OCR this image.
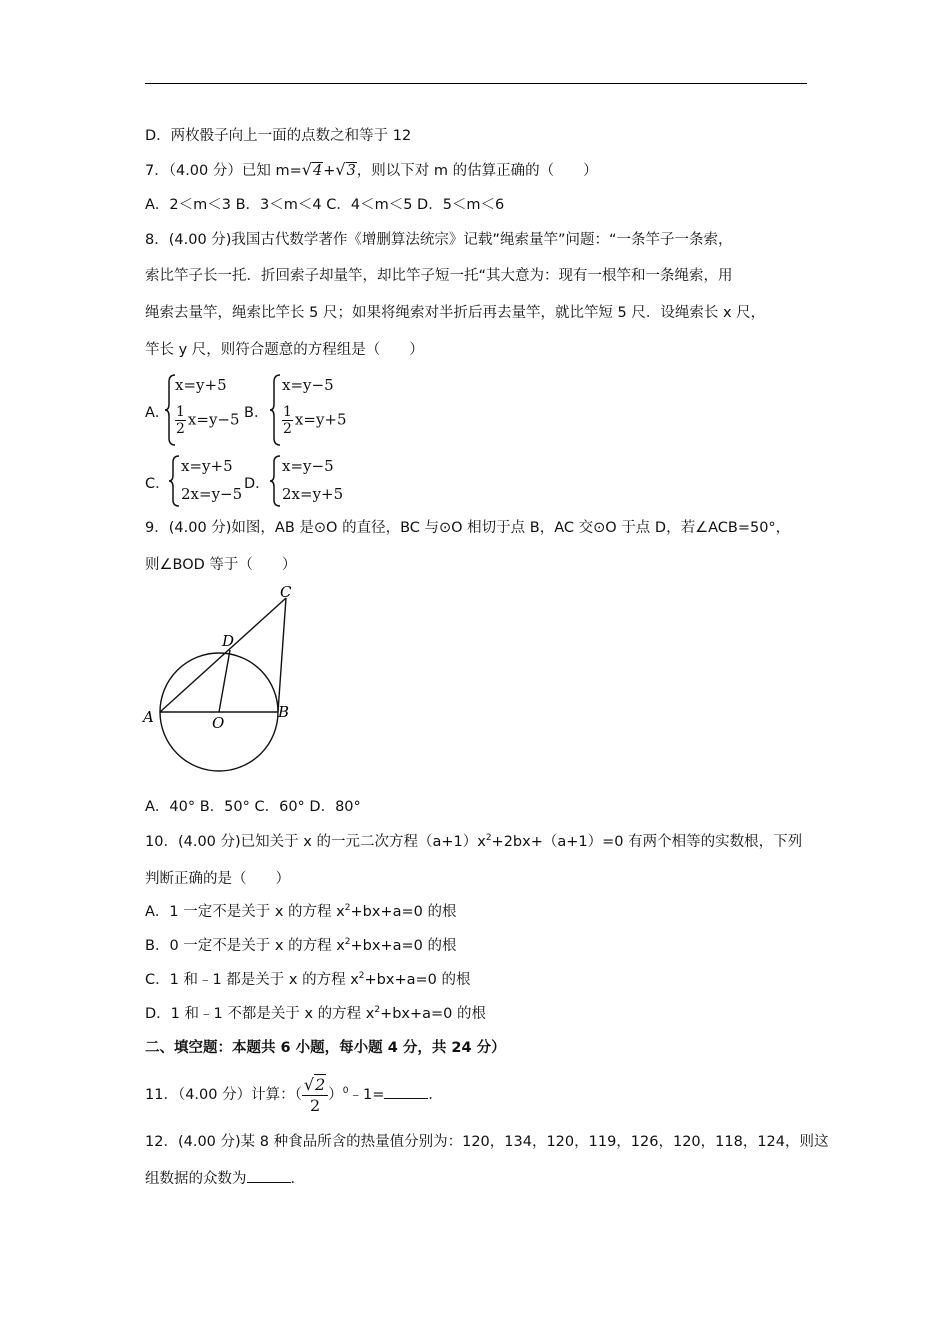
D．两枚骰子向上一面的点数之和等于 12
7．（4.00 分）已知 m=√4+√3，则以下对 m 的估算正确的（　　）
A．2＜m＜3 B．3＜m＜4 C．4＜m＜5 D．5＜m＜6
8．(4.00 分)我国古代数学著作《增删算法统宗》记载”绳索量竿”问题：“一条竿子一条索，
索比竿子长一托．折回索子却量竿，却比竿子短一托“其大意为：现有一根竿和一条绳索，用
绳索去量竿，绳索比竿长 5 尺；如果将绳索对半折后再去量竿，就比竿短 5 尺．设绳索长 x 尺，
竿长 y 尺，则符合题意的方程组是（　　）
A．
x=y+5
$\frac{1}{2} x=y-5$ B．
x=y−5
$\frac{1}{2} x=y+5$
C．
x=y+5
2x=y−5
D．
x=y−5
2x=y+5
9．(4.00 分)如图，AB 是⊙O 的直径，BC 与⊙O 相切于点 B，AC 交⊙O 于点 D，若∠ACB=50°，
则∠BOD 等于（　　）
A	O
B
C
D
A．40° B．50° C．60° D．80°
10．(4.00 分)已知关于 x 的一元二次方程$(a+1)x^2+2bx+(a+1)=0$ 有两个相等的实数根，下列
判断正确的是（　　）
A．1 一定不是关于 x 的方程 $x^2+bx+a=0$ 的根
B．0 一定不是关于 x 的方程 $x^2+bx+a=0$ 的根
C．1 和﹣1 都是关于 x 的方程 $x^2+bx+a=0$ 的根
D．1 和﹣1 不都是关于 x 的方程 $x^2+bx+a=0$ 的根
二、填空题：本题共 6 小题，每小题 4 分，共 24 分）
11．（4.00 分）计算：（ $\frac{√2}{2}$ ）$^0$﹣1=	．
12．(4.00 分)某 8 种食品所含的热量值分别为：120，134，120，119，126，120，118，124，则这
组数据的众数为	．
